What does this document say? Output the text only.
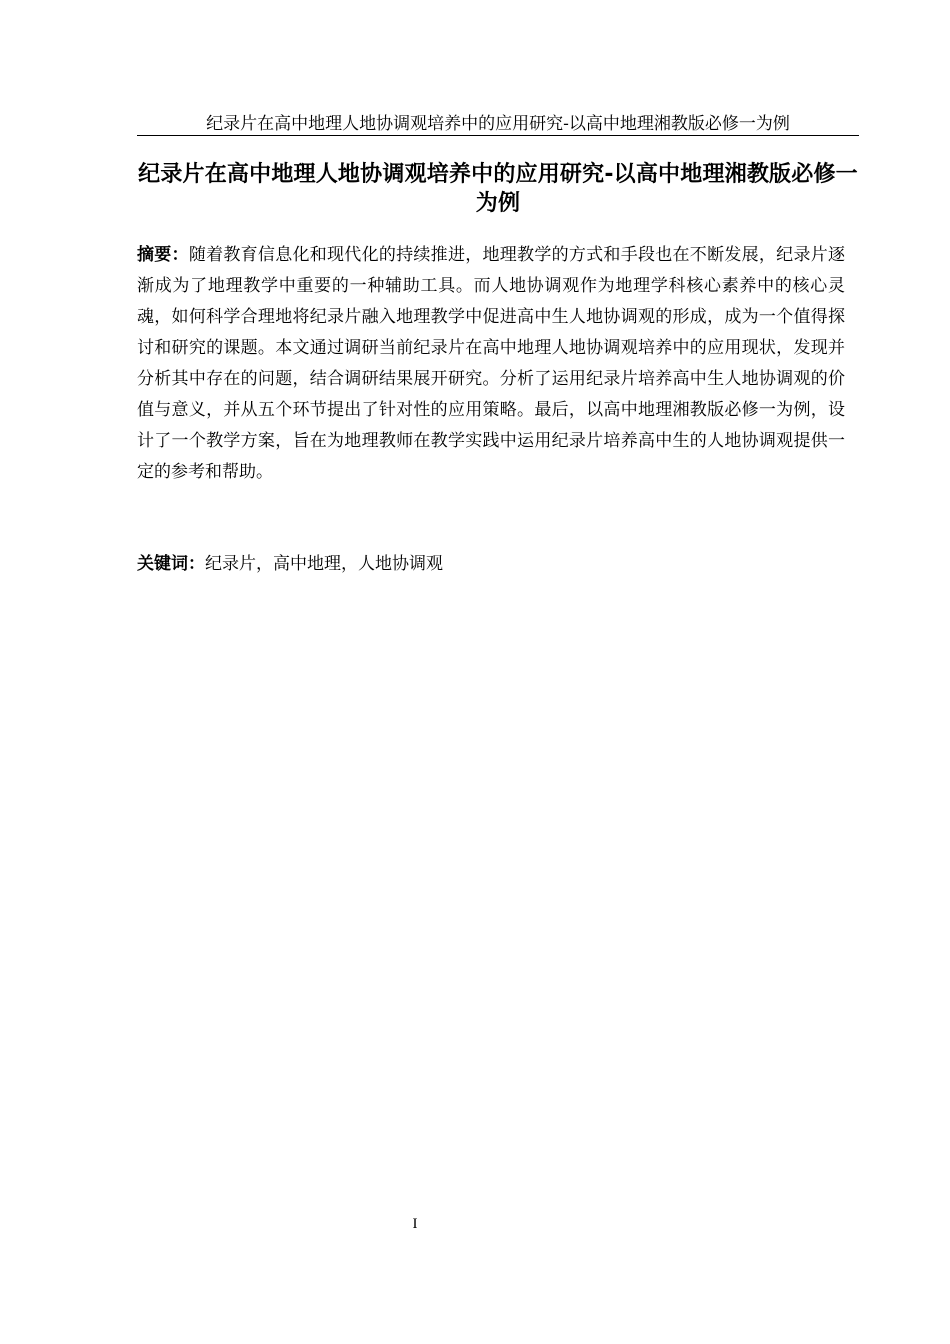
纪录片在高中地理人地协调观培养中的应用研究-以高中地理湘教版必修一为例
纪录片在高中地理人地协调观培养中的应用研究-以高中地理湘教版必修一为例
摘要：随着教育信息化和现代化的持续推进，地理教学的方式和手段也在不断发展，纪录片逐渐成为了地理教学中重要的一种辅助工具。而人地协调观作为地理学科核心素养中的核心灵魂，如何科学合理地将纪录片融入地理教学中促进高中生人地协调观的形成，成为一个值得探讨和研究的课题。本文通过调研当前纪录片在高中地理人地协调观培养中的应用现状，发现并分析其中存在的问题，结合调研结果展开研究。分析了运用纪录片培养高中生人地协调观的价值与意义，并从五个环节提出了针对性的应用策略。最后，以高中地理湘教版必修一为例，设计了一个教学方案，旨在为地理教师在教学实践中运用纪录片培养高中生的人地协调观提供一定的参考和帮助。
关键词：纪录片，高中地理，人地协调观
I
